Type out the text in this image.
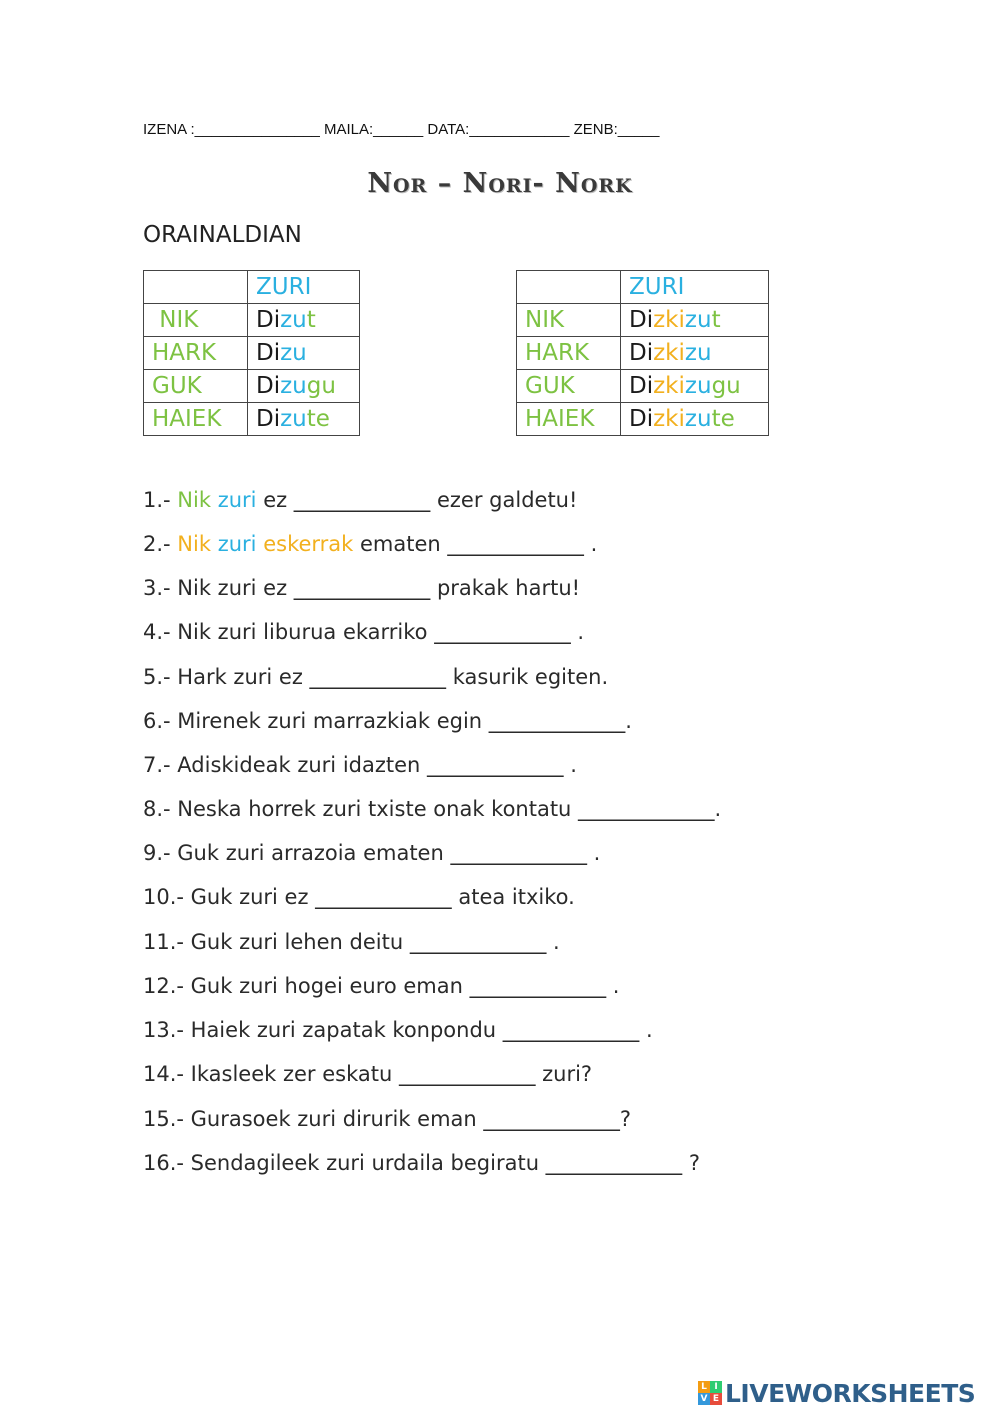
IZENA :_______________ MAILA:______ DATA:____________ ZENB:_____
Nor – Nori- Nork
ORAINALDIAN
	ZURI
NIK	Dizut
HARK	Dizu
GUK	Dizugu
HAIEK	Dizute
	ZURI
NIK	Dizkizut
HARK	Dizkizu
GUK	Dizkizugu
HAIEK	Dizkizute
1.- Nik zuri ez _____________ ezer galdetu!
2.- Nik zuri eskerrak ematen _____________ .
3.- Nik zuri ez _____________ prakak hartu!
4.- Nik zuri liburua ekarriko _____________ .
5.- Hark zuri ez _____________ kasurik egiten.
6.- Mirenek zuri marrazkiak egin _____________.
7.- Adiskideak zuri idazten _____________ .
8.- Neska horrek zuri txiste onak kontatu _____________.
9.- Guk zuri arrazoia ematen _____________ .
10.- Guk zuri ez _____________ atea itxiko.
11.- Guk zuri lehen deitu _____________ .
12.- Guk zuri hogei euro eman _____________ .
13.- Haiek zuri zapatak konpondu _____________ .
14.- Ikasleek zer eskatu _____________ zuri?
15.- Gurasoek zuri dirurik eman _____________?
16.- Sendagileek zuri urdaila begiratu _____________ ?
L I
V E LIVEWORKSHEETS
